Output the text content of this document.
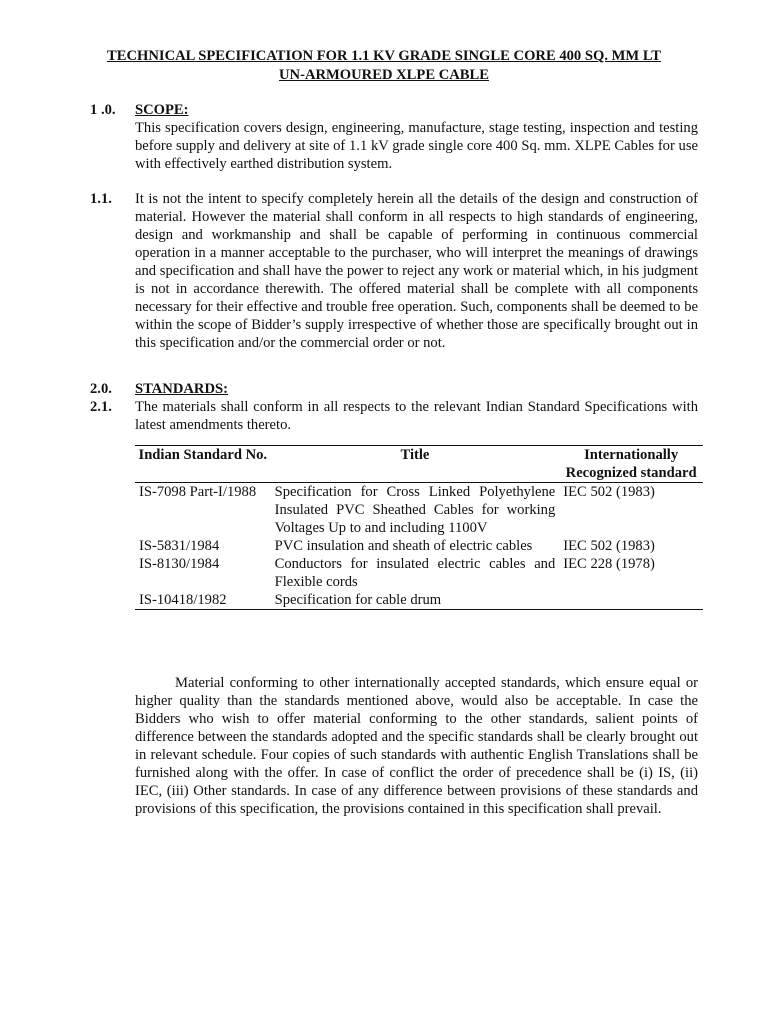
TECHNICAL SPECIFICATION FOR 1.1 KV GRADE SINGLE CORE 400 SQ. MM LT
UN-ARMOURED XLPE CABLE
1 .0. SCOPE:
This specification covers design, engineering, manufacture, stage testing, inspection and testing before supply and delivery at site of 1.1 kV grade single core 400 Sq. mm. XLPE Cables for use with effectively earthed distribution system.
1.1. It is not the intent to specify completely herein all the details of the design and construction of material. However the material shall conform in all respects to high standards of engineering, design and workmanship and shall be capable of performing in continuous commercial operation in a manner acceptable to the purchaser, who will interpret the meanings of drawings and specification and shall have the power to reject any work or material which, in his judgment is not in accordance therewith. The offered material shall be complete with all components necessary for their effective and trouble free operation. Such, components shall be deemed to be within the scope of Bidder’s supply irrespective of whether those are specifically brought out in this specification and/or the commercial order or not.
2.0. STANDARDS:
2.1. The materials shall conform in all respects to the relevant Indian Standard Specifications with latest amendments thereto.
Indian Standard No.	Title	Internationally Recognized standard
IS-7098 Part-I/1988	Specification for Cross Linked Polyethylene Insulated PVC Sheathed Cables for working Voltages Up to and including 1100V	IEC 502 (1983)
IS-5831/1984	PVC insulation and sheath of electric cables	IEC 502 (1983)
IS-8130/1984	Conductors for insulated electric cables and Flexible cords	IEC 228 (1978)
IS-10418/1982	Specification for cable drum	
Material conforming to other internationally accepted standards, which ensure equal or higher quality than the standards mentioned above, would also be acceptable. In case the Bidders who wish to offer material conforming to the other standards, salient points of difference between the standards adopted and the specific standards shall be clearly brought out in relevant schedule. Four copies of such standards with authentic English Translations shall be furnished along with the offer. In case of conflict the order of precedence shall be (i) IS, (ii) IEC, (iii) Other standards. In case of any difference between provisions of these standards and provisions of this specification, the provisions contained in this specification shall prevail.
